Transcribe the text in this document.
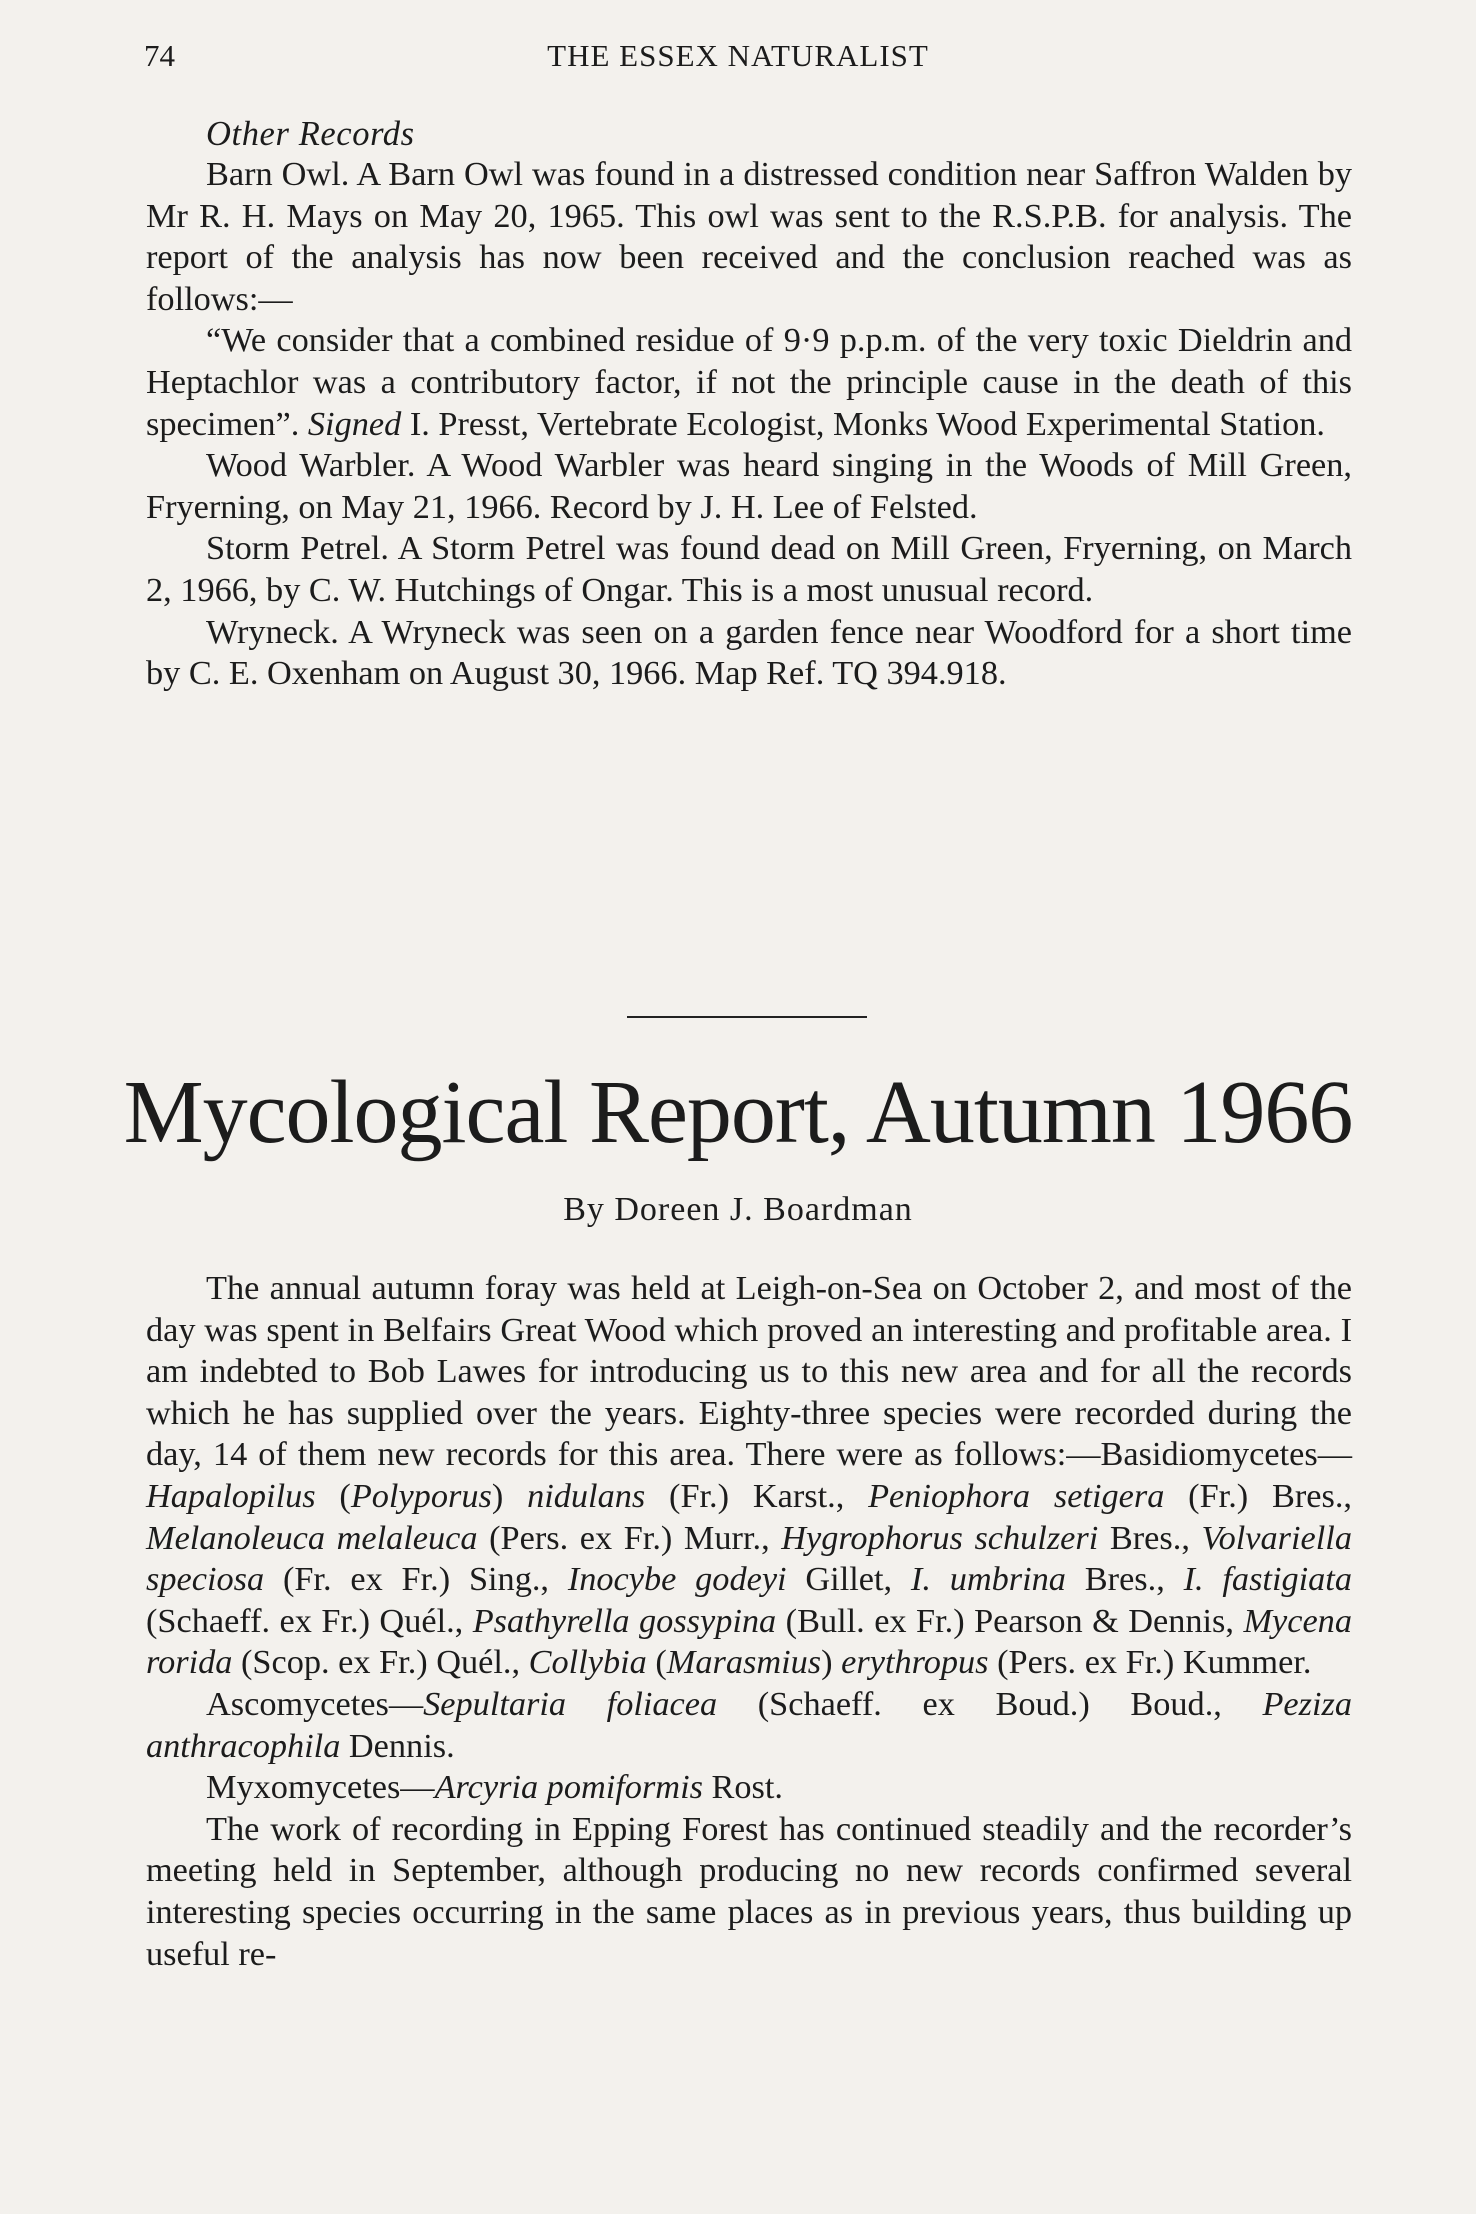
74	THE ESSEX NATURALIST

Other Records

Barn Owl. A Barn Owl was found in a distressed condition near Saffron Walden by Mr R. H. Mays on May 20, 1965. This owl was sent to the R.S.P.B. for analysis. The report of the analysis has now been received and the conclusion reached was as follows:—

“We consider that a combined residue of 9·9 p.p.m. of the very toxic Dieldrin and Heptachlor was a contributory factor, if not the principle cause in the death of this specimen”. Signed I. Presst, Vertebrate Ecologist, Monks Wood Experimental Station.

Wood Warbler. A Wood Warbler was heard singing in the Woods of Mill Green, Fryerning, on May 21, 1966. Record by J. H. Lee of Felsted.

Storm Petrel. A Storm Petrel was found dead on Mill Green, Fryerning, on March 2, 1966, by C. W. Hutchings of Ongar. This is a most unusual record.

Wryneck. A Wryneck was seen on a garden fence near Woodford for a short time by C. E. Oxenham on August 30, 1966. Map Ref. TQ 394.918.

Mycological Report, Autumn 1966
By Doreen J. Boardman

The annual autumn foray was held at Leigh-on-Sea on October 2, and most of the day was spent in Belfairs Great Wood which proved an interesting and profitable area. I am indebted to Bob Lawes for introducing us to this new area and for all the records which he has supplied over the years. Eighty-three species were recorded during the day, 14 of them new records for this area. There were as follows:—Basidiomycetes—Hapalopilus (Polyporus) nidulans (Fr.) Karst., Peniophora setigera (Fr.) Bres., Melanoleuca melaleuca (Pers. ex Fr.) Murr., Hygrophorus schulzeri Bres., Volvariella speciosa (Fr. ex Fr.) Sing., Inocybe godeyi Gillet, I. umbrina Bres., I. fastigiata (Schaeff. ex Fr.) Quél., Psathyrella gossypina (Bull. ex Fr.) Pearson & Dennis, Mycena rorida (Scop. ex Fr.) Quél., Collybia (Marasmius) erythropus (Pers. ex Fr.) Kummer.

Ascomycetes—Sepultaria foliacea (Schaeff. ex Boud.) Boud., Peziza anthracophila Dennis.

Myxomycetes—Arcyria pomiformis Rost.

The work of recording in Epping Forest has continued steadily and the recorder’s meeting held in September, although producing no new records confirmed several interesting species occurring in the same places as in previous years, thus building up useful re-
